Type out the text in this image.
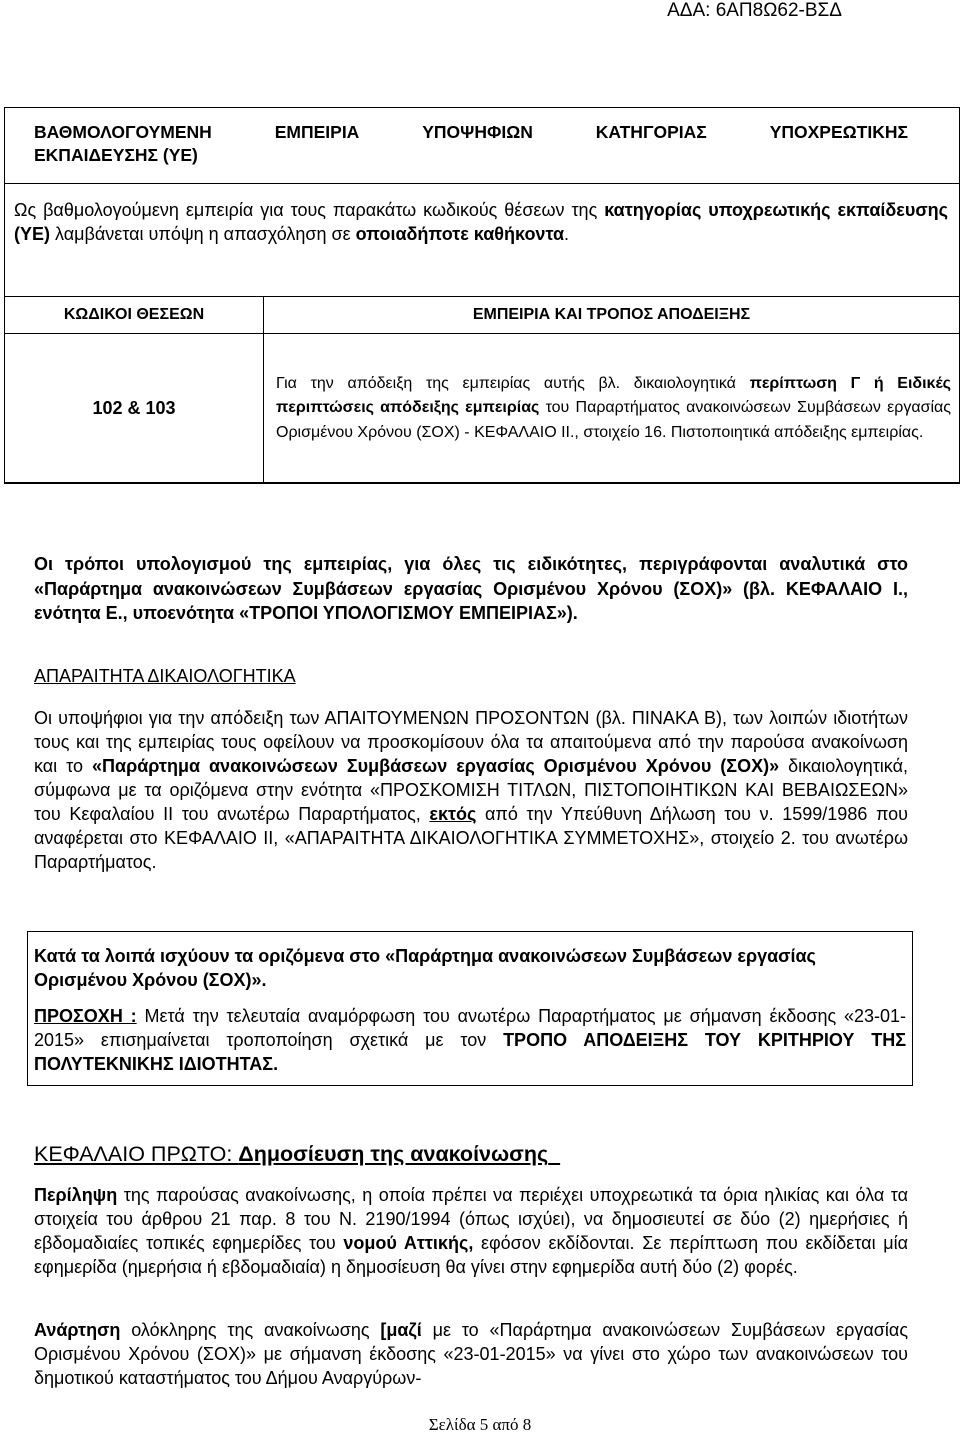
ΑΔΑ: 6ΑΠ8Ω62-ΒΣΔ
ΒΑΘΜΟΛΟΓΟΥΜΕΝΗ	ΕΜΠΕΙΡΙΑ	ΥΠΟΨΗΦΙΩΝ	ΚΑΤΗΓΟΡΙΑΣ	ΥΠΟΧΡΕΩΤΙΚΗΣ
ΕΚΠΑΙΔΕΥΣΗΣ (ΥΕ)
Ως βαθμολογούμενη εμπειρία για τους παρακάτω κωδικούς θέσεων της κατηγορίας υποχρεωτικής εκπαίδευσης (ΥΕ) λαμβάνεται υπόψη η απασχόληση σε οποιαδήποτε καθήκοντα.
ΚΩΔΙΚΟΙ ΘΕΣΕΩΝ	ΕΜΠΕΙΡΙΑ ΚΑΙ ΤΡΟΠΟΣ ΑΠΟΔΕΙΞΗΣ
102 & 103	Για την απόδειξη της εμπειρίας αυτής βλ. δικαιολογητικά περίπτωση Γ ή Ειδικές περιπτώσεις απόδειξης εμπειρίας του Παραρτήματος ανακοινώσεων Συμβάσεων εργασίας Ορισμένου Χρόνου (ΣΟΧ) - ΚΕΦΑΛΑΙΟ ΙΙ., στοιχείο 16. Πιστοποιητικά απόδειξης εμπειρίας.
Οι τρόποι υπολογισμού της εμπειρίας, για όλες τις ειδικότητες, περιγράφονται αναλυτικά στο «Παράρτημα ανακοινώσεων Συμβάσεων εργασίας Ορισμένου Χρόνου (ΣΟΧ)» (βλ. ΚΕΦΑΛΑΙΟ Ι., ενότητα Ε., υποενότητα «ΤΡΟΠΟΙ ΥΠΟΛΟΓΙΣΜΟΥ ΕΜΠΕΙΡΙΑΣ»).
ΑΠΑΡΑΙΤΗΤΑ ΔΙΚΑΙΟΛΟΓΗΤΙΚΑ
Οι υποψήφιοι για την απόδειξη των ΑΠΑΙΤΟΥΜΕΝΩΝ ΠΡΟΣΟΝΤΩΝ (βλ. ΠΙΝΑΚΑ Β), των λοιπών ιδιοτήτων τους και της εμπειρίας τους οφείλουν να προσκομίσουν όλα τα απαιτούμενα από την παρούσα ανακοίνωση και το «Παράρτημα ανακοινώσεων Συμβάσεων εργασίας Ορισμένου Χρόνου (ΣΟΧ)» δικαιολογητικά, σύμφωνα με τα οριζόμενα στην ενότητα «ΠΡΟΣΚΟΜΙΣΗ ΤΙΤΛΩΝ, ΠΙΣΤΟΠΟΙΗΤΙΚΩΝ ΚΑΙ ΒΕΒΑΙΩΣΕΩΝ» του Κεφαλαίου ΙΙ του ανωτέρω Παραρτήματος, εκτός από την Υπεύθυνη Δήλωση του ν. 1599/1986 που αναφέρεται στο ΚΕΦΑΛΑΙΟ ΙΙ, «ΑΠΑΡΑΙΤΗΤΑ ΔΙΚΑΙΟΛΟΓΗΤΙΚΑ ΣΥΜΜΕΤΟΧΗΣ», στοιχείο 2. του ανωτέρω Παραρτήματος.
Κατά τα λοιπά ισχύουν τα οριζόμενα στο «Παράρτημα ανακοινώσεων Συμβάσεων εργασίας Ορισμένου Χρόνου (ΣΟΧ)».
ΠΡΟΣΟΧΗ : Μετά την τελευταία αναμόρφωση του ανωτέρω Παραρτήματος με σήμανση έκδοσης «23-01-2015» επισημαίνεται τροποποίηση σχετικά με τον ΤΡΟΠΟ ΑΠΟΔΕΙΞΗΣ ΤΟΥ ΚΡΙΤΗΡΙΟΥ ΤΗΣ ΠΟΛΥΤΕΚΝΙΚΗΣ ΙΔΙΟΤΗΤΑΣ.
ΚΕΦΑΛΑΙΟ ΠΡΩΤΟ: Δημοσίευση της ανακοίνωσης
Περίληψη της παρούσας ανακοίνωσης, η οποία πρέπει να περιέχει υποχρεωτικά τα όρια ηλικίας και όλα τα στοιχεία του άρθρου 21 παρ. 8 του Ν. 2190/1994 (όπως ισχύει), να δημοσιευτεί σε δύο (2) ημερήσιες ή εβδομαδιαίες τοπικές εφημερίδες του νομού Αττικής, εφόσον εκδίδονται. Σε περίπτωση που εκδίδεται μία εφημερίδα (ημερήσια ή εβδομαδιαία) η δημοσίευση θα γίνει στην εφημερίδα αυτή δύο (2) φορές.
Ανάρτηση ολόκληρης της ανακοίνωσης [μαζί με το «Παράρτημα ανακοινώσεων Συμβάσεων εργασίας Ορισμένου Χρόνου (ΣΟΧ)» με σήμανση έκδοσης «23-01-2015» να γίνει στο χώρο των ανακοινώσεων του δημοτικού καταστήματος του Δήμου Αναργύρων-
Σελίδα 5 από 8
